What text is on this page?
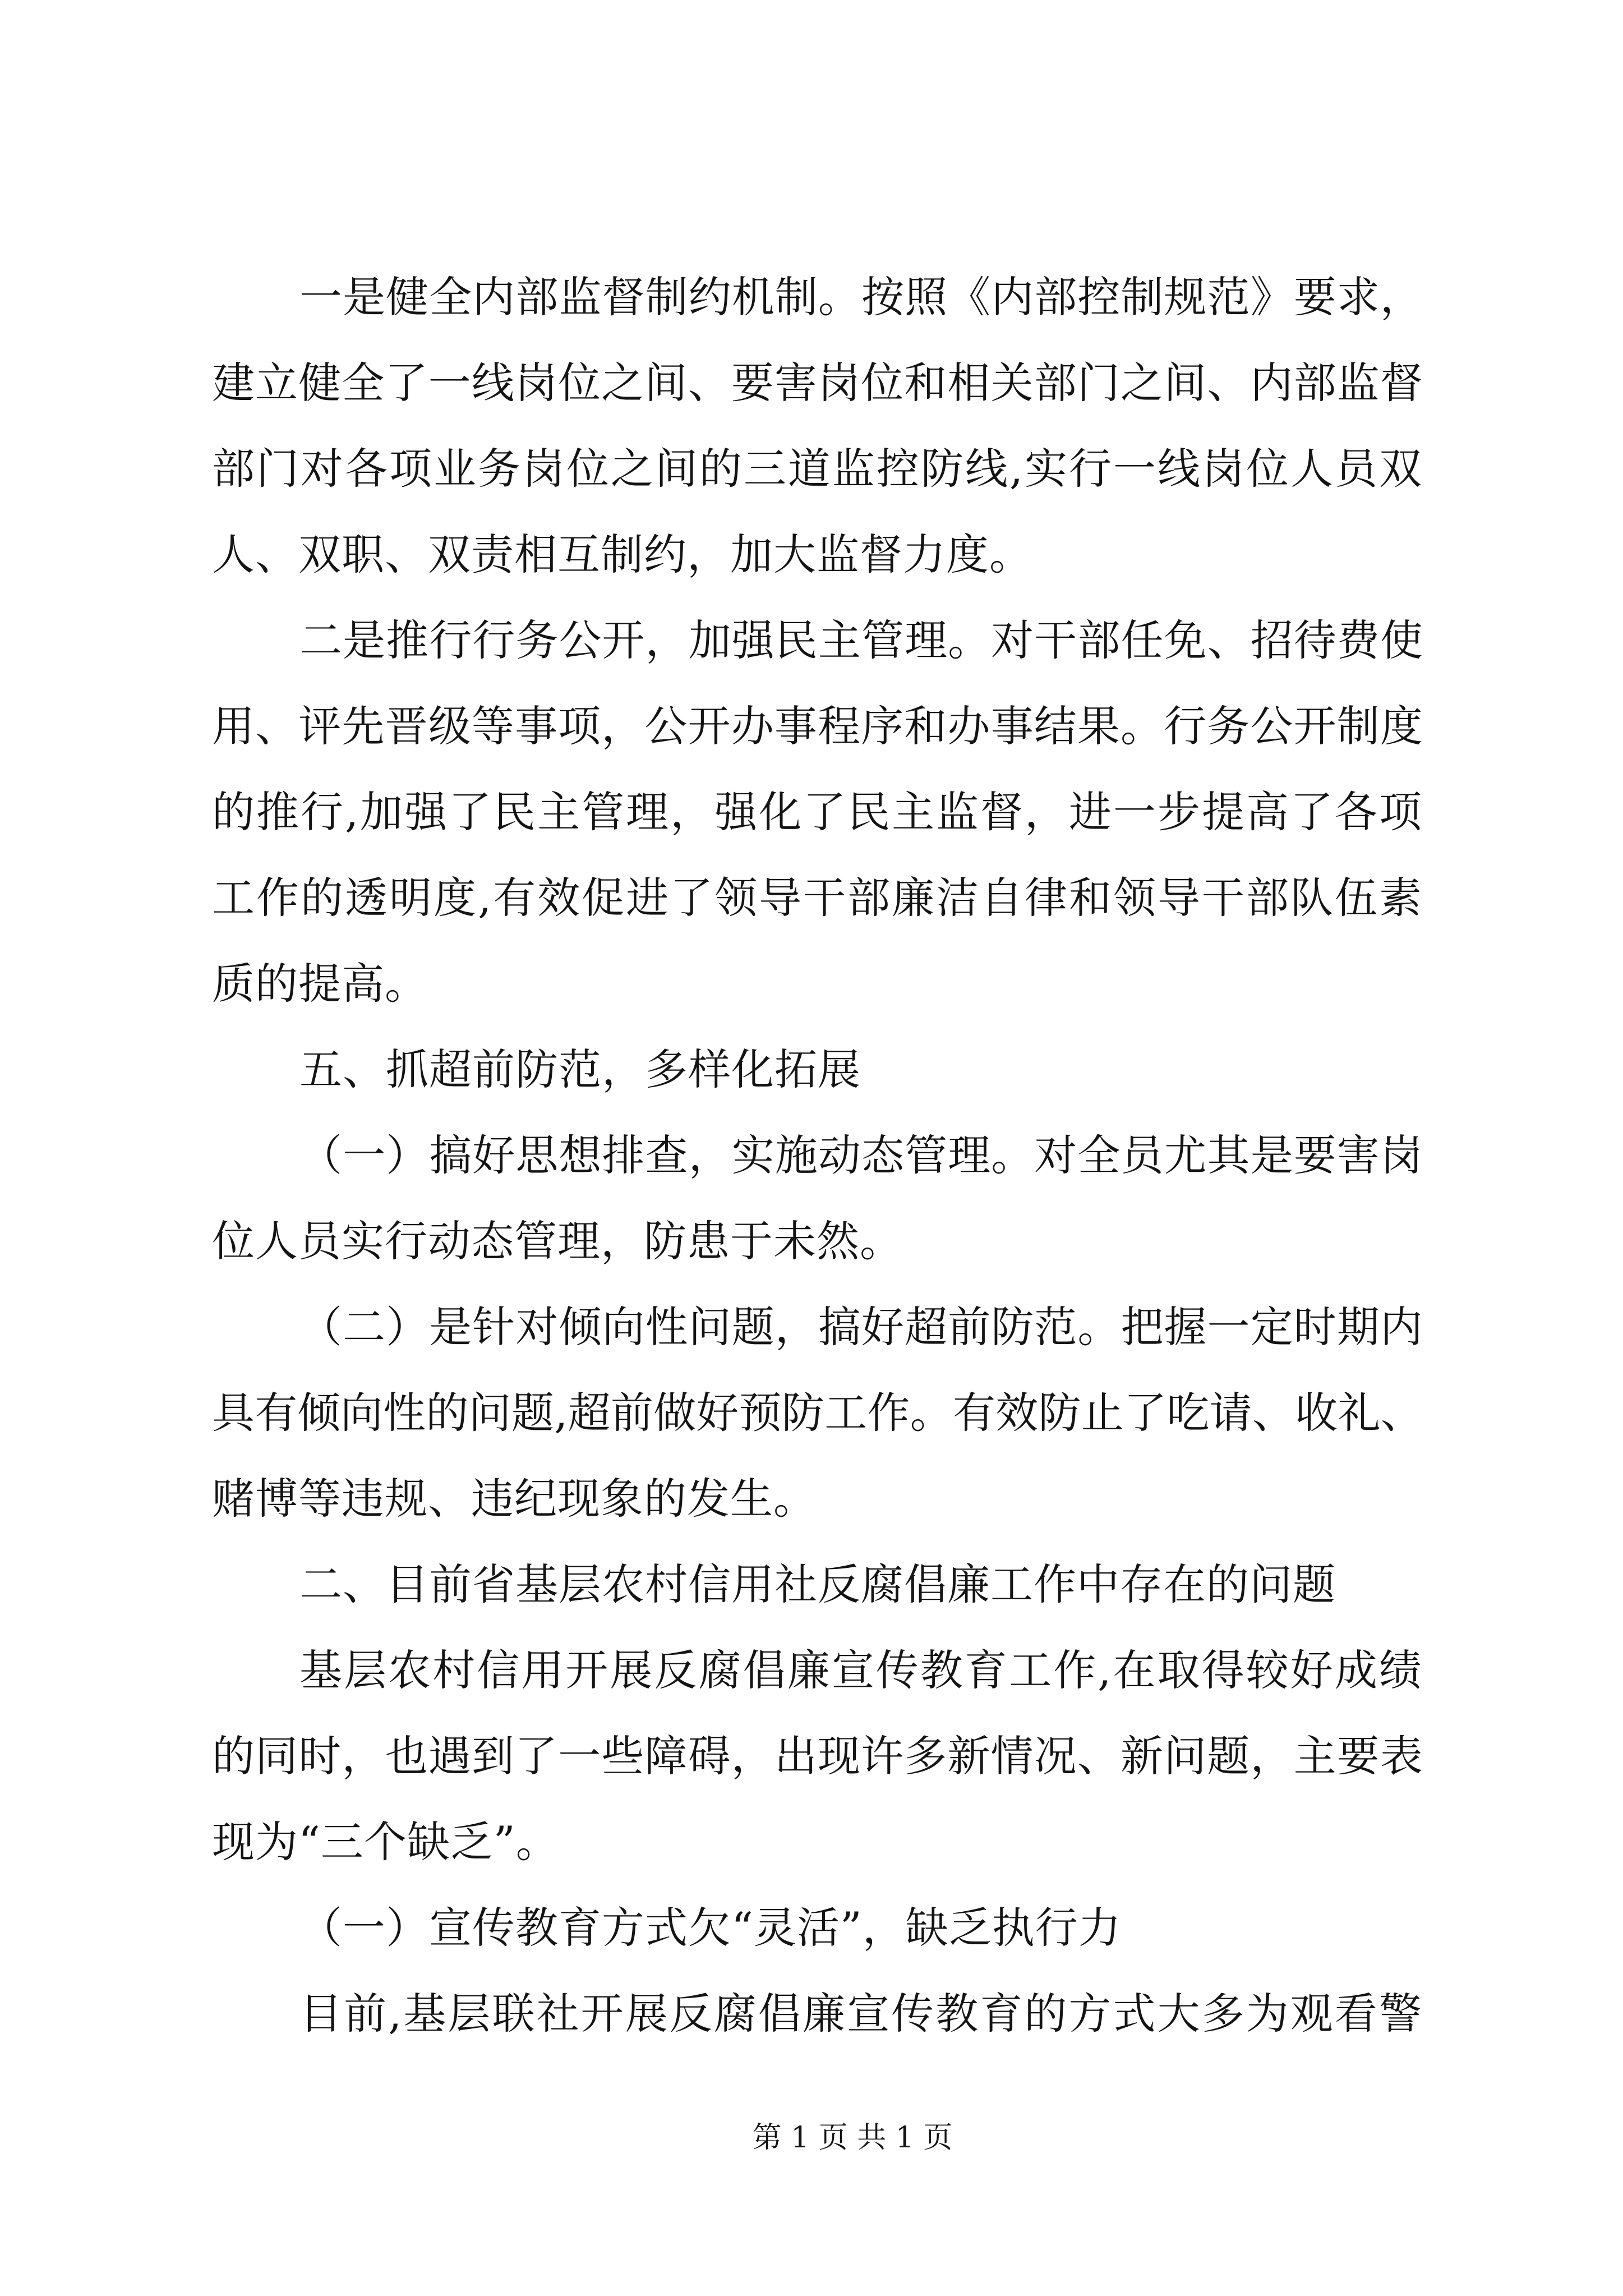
一是健全内部监督制约机制。按照《内部控制规范》要求，
建立健全了一线岗位之间、要害岗位和相关部门之间、内部监督
部门对各项业务岗位之间的三道监控防线,实行一线岗位人员双
人、双职、双责相互制约，加大监督力度。
二是推行行务公开，加强民主管理。对干部任免、招待费使
用、评先晋级等事项，公开办事程序和办事结果。行务公开制度
的推行,加强了民主管理，强化了民主监督，进一步提高了各项
工作的透明度,有效促进了领导干部廉洁自律和领导干部队伍素
质的提高。
五、抓超前防范，多样化拓展
（一）搞好思想排查，实施动态管理。对全员尤其是要害岗
位人员实行动态管理，防患于未然。
（二）是针对倾向性问题，搞好超前防范。把握一定时期内
具有倾向性的问题,超前做好预防工作。有效防止了吃请、收礼、
赌博等违规、违纪现象的发生。
二、目前省基层农村信用社反腐倡廉工作中存在的问题
基层农村信用开展反腐倡廉宣传教育工作,在取得较好成绩
的同时，也遇到了一些障碍，出现许多新情况、新问题，主要表
现为“三个缺乏”。
（一）宣传教育方式欠“灵活”，缺乏执行力
目前,基层联社开展反腐倡廉宣传教育的方式大多为观看警
第 1 页 共 1 页
